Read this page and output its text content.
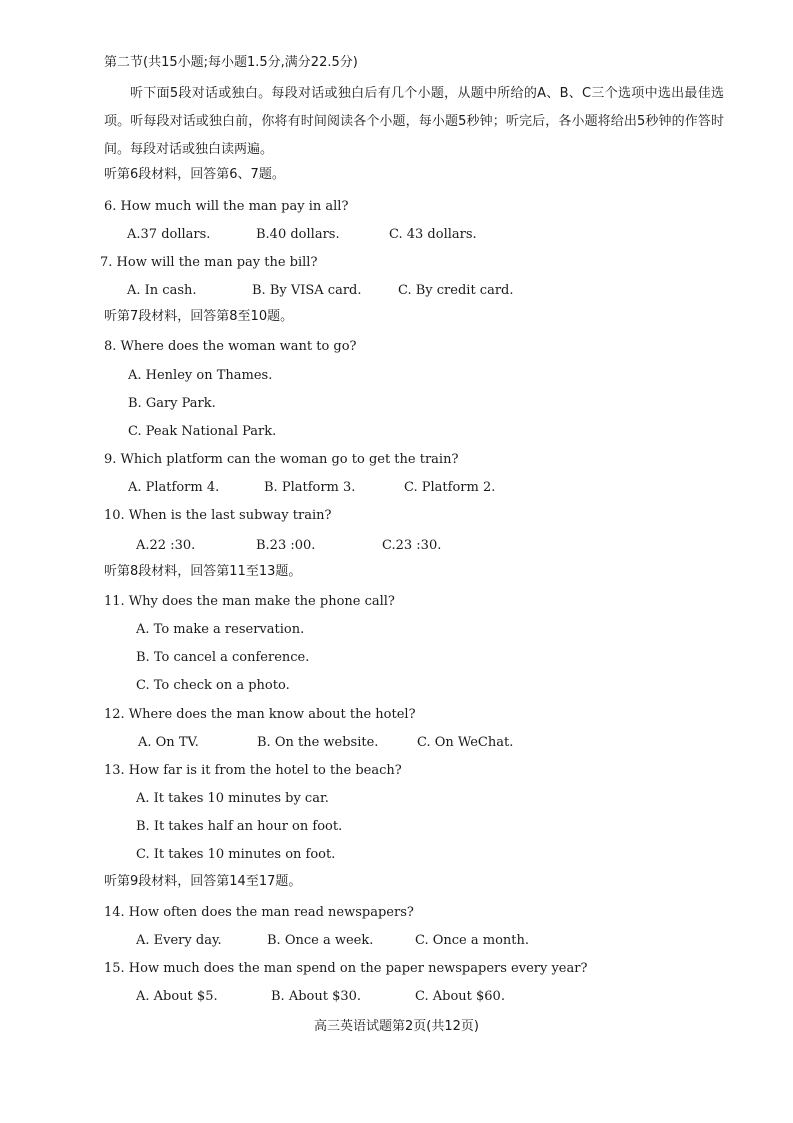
第二节(共15小题;每小题1.5分,满分22.5分)
听下面5段对话或独白。每段对话或独白后有几个小题，从题中所给的A、B、C三个选项中选出最佳选项。听每段对话或独白前，你将有时间阅读各个小题，每小题5秒钟；听完后，各小题将给出5秒钟的作答时间。每段对话或独白读两遍。
听第6段材料，回答第6、7题。
6. How much will the man pay in all?
A.37 dollars.	B.40 dollars.	C. 43 dollars.
7. How will the man pay the bill?
A. In cash.	B. By VISA card.	C. By credit card.
听第7段材料，回答第8至10题。
8. Where does the woman want to go?
A. Henley on Thames.
B. Gary Park.
C. Peak National Park.
9. Which platform can the woman go to get the train?
A. Platform 4.	B. Platform 3.	C. Platform 2.
10. When is the last subway train?
A.22 :30.	B.23 :00.	C.23 :30.
听第8段材料，回答第11至13题。
11. Why does the man make the phone call?
A. To make a reservation.
B. To cancel a conference.
C. To check on a photo.
12. Where does the man know about the hotel?
A. On TV.	B. On the website.	C. On WeChat.
13. How far is it from the hotel to the beach?
A. It takes 10 minutes by car.
B. It takes half an hour on foot.
C. It takes 10 minutes on foot.
听第9段材料，回答第14至17题。
14. How often does the man read newspapers?
A. Every day.	B. Once a week.	C. Once a month.
15. How much does the man spend on the paper newspapers every year?
A. About $5.	B. About $30.	C. About $60.
高三英语试题第2页(共12页)
